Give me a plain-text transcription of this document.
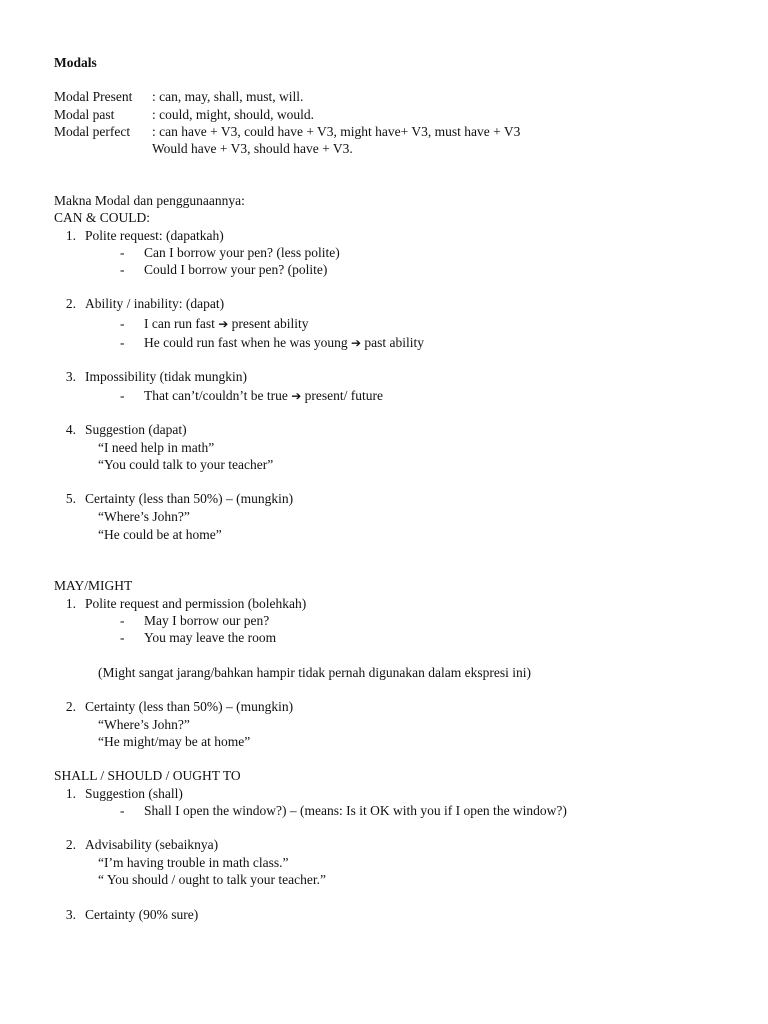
Modals
Modal Present : can, may, shall, must, will.
Modal past	: could, might, should, would.
Modal perfect : can have + V3, could have + V3, might have+ V3, must have + V3
Would have + V3, should have + V3.
Makna Modal dan penggunaannya:
CAN & COULD:
1. Polite request: (dapatkah)
- Can I borrow your pen? (less polite)
- Could I borrow your pen? (polite)
2. Ability / inability: (dapat)
- I can run fast ➔ present ability
- He could run fast when he was young ➔ past ability
3. Impossibility (tidak mungkin)
- That can’t/couldn’t be true ➔ present/ future
4. Suggestion (dapat)
“I need help in math”
“You could talk to your teacher”
5. Certainty (less than 50%) – (mungkin)
“Where’s John?”
“He could be at home”
MAY/MIGHT
1. Polite request and permission (bolehkah)
- May I borrow our pen?
- You may leave the room
(Might sangat jarang/bahkan hampir tidak pernah digunakan dalam ekspresi ini)
2. Certainty (less than 50%) – (mungkin)
“Where’s John?”
“He might/may be at home”
SHALL / SHOULD / OUGHT TO
1. Suggestion (shall)
- Shall I open the window?) – (means: Is it OK with you if I open the window?)
2. Advisability (sebaiknya)
“I’m having trouble in math class.”
“ You should / ought to talk your teacher.”
3. Certainty (90% sure)
